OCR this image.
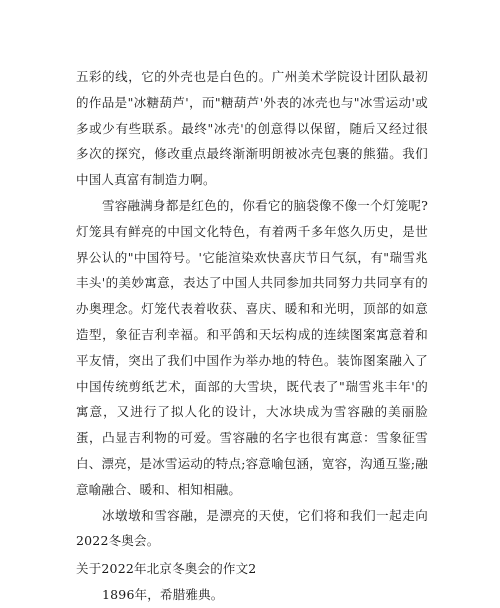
五彩的线，它的外壳也是白色的。广州美术学院设计团队最初的作品是"冰糖葫芦'，而"糖葫芦'外表的冰壳也与"冰雪运动'或多或少有些联系。最终"冰壳'的创意得以保留，随后又经过很多次的探究，修改重点最终渐渐明朗被冰壳包裹的熊猫。我们中国人真富有制造力啊。

雪容融满身都是红色的，你看它的脑袋像不像一个灯笼呢?灯笼具有鲜亮的中国文化特色，有着两千多年悠久历史，是世界公认的"中国符号。'它能渲染欢快喜庆节日气氛，有"瑞雪兆丰头'的美妙寓意，表达了中国人共同参加共同努力共同享有的办奥理念。灯笼代表着收获、喜庆、暖和和光明，顶部的如意造型，象征吉利幸福。和平鸽和天坛构成的连续图案寓意着和平友情，突出了我们中国作为举办地的特色。装饰图案融入了中国传统剪纸艺术，面部的大雪块，既代表了"瑞雪兆丰年'的寓意，又进行了拟人化的设计，大冰块成为雪容融的美丽脸蛋，凸显吉利物的可爱。雪容融的名字也很有寓意：雪象征雪白、漂亮，是冰雪运动的特点;容意喻包涵，宽容，沟通互鉴;融意喻融合、暖和、相知相融。

冰墩墩和雪容融，是漂亮的天使，它们将和我们一起走向2022冬奥会。

关于2022年北京冬奥会的作文2

1896年，希腊雅典。
